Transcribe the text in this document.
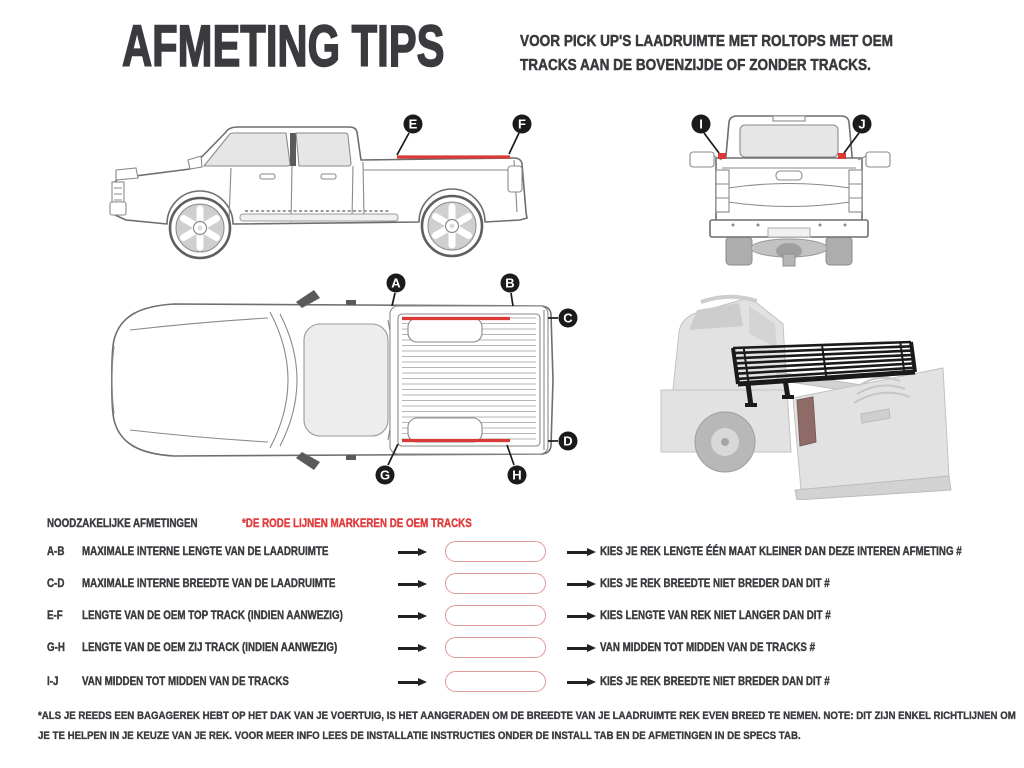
AFMETING TIPS	VOOR PICK UP'S LAADRUIMTE MET ROLTOPS MET OEM
TRACKS AAN DE BOVENZIJDE OF ZONDER TRACKS.
E	F	I	J
A	B
C
D
G	H
NOODZAKELIJKE AFMETINGEN	*DE RODE LIJNEN MARKEREN DE OEM TRACKS
A-B MAXIMALE INTERNE LENGTE VAN DE LAADRUIMTE	KIES JE REK LENGTE ÉÉN MAAT KLEINER DAN DEZE INTEREN AFMETING #
C-D MAXIMALE INTERNE BREEDTE VAN DE LAADRUIMTE	KIES JE REK BREEDTE NIET BREDER DAN DIT #
E-F LENGTE VAN DE OEM TOP TRACK (INDIEN AANWEZIG)	KIES LENGTE VAN REK NIET LANGER DAN DIT #
G-H LENGTE VAN DE OEM ZIJ TRACK (INDIEN AANWEZIG)	VAN MIDDEN TOT MIDDEN VAN DE TRACKS #
I-J VAN MIDDEN TOT MIDDEN VAN DE TRACKS	KIES JE REK BREEDTE NIET BREDER DAN DIT #
*ALS JE REEDS EEN BAGAGEREK HEBT OP HET DAK VAN JE VOERTUIG, IS HET AANGERADEN OM DE BREEDTE VAN JE LAADRUIMTE REK EVEN BREED TE NEMEN. NOTE: DIT ZIJN ENKEL RICHTLIJNEN OM
JE TE HELPEN IN JE KEUZE VAN JE REK. VOOR MEER INFO LEES DE INSTALLATIE INSTRUCTIES ONDER DE INSTALL TAB EN DE AFMETINGEN IN DE SPECS TAB.
